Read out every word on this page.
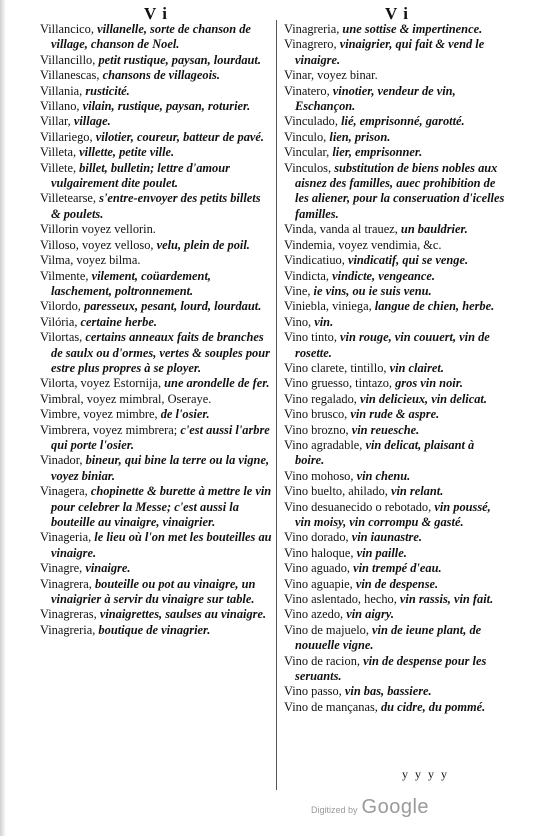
V i	V i

Villancico, villanelle, sorte de chanson de village, chanson de Noel.

Villancillo, petit rustique, paysan, lourdaut.

Villanescas, chansons de villageois.

Villania, rusticité.

Villano, vilain, rustique, paysan, roturier.

Villar, village.

Villariego, vilotier, coureur, batteur de pavé.

Villeta, villette, petite ville.

Villete, billet, bulletin; lettre d'amour vulgairement dite poulet.

Villetearse, s'entre-envoyer des petits billets & poulets.

Villorin voyez vellorin.

Villoso, voyez velloso, velu, plein de poil.

Vilma, voyez bilma.

Vilmente, vilement, coüardement, laschement, poltronnement.

Vilordo, paresseux, pesant, lourd, lourdaut.

Vilória, certaine herbe.

Vilortas, certains anneaux faits de branches de saulx ou d'ormes, vertes & souples pour estre plus propres à se ployer.

Vilorta, voyez Estornija, une arondelle de fer.

Vimbral, voyez mimbral, Oseraye.

Vimbre, voyez mimbre, de l'osier.

Vimbrera, voyez mimbrera; c'est aussi l'arbre qui porte l'osier.

Vinador, bineur, qui bine la terre ou la vigne, voyez biniar.

Vinagera, chopinette & burette à mettre le vin pour celebrer la Messe; c'est aussi la bouteille au vinaigre, vinaigrier.

Vinageria, le lieu où l'on met les bouteilles au vinaigre.

Vinagre, vinaigre.

Vinagrera, bouteille ou pot au vinaigre, un vinaigrier à servir du vinaigre sur table.

Vinagreras, vinaigrettes, saulses au vinaigre.

Vinagreria, boutique de vinagrier.

Vinagreria, une sottise & impertinence.

Vinagrero, vinaigrier, qui fait & vend le vinaigre.

Vinar, voyez binar.

Vinatero, vinotier, vendeur de vin, Eschançon.

Vinculado, lié, emprisonné, garotté.

Vinculo, lien, prison.

Vincular, lier, emprisonner.

Vinculos, substitution de biens nobles aux aisnez des familles, auec prohibition de les aliener, pour la conseruation d'icelles familles.

Vinda, vanda al trauez, un bauldrier.

Vindemia, voyez vendimia, &c.

Vindicatiuo, vindicatif, qui se venge.

Vindicta, vindicte, vengeance.

Vine, ie vins, ou ie suis venu.

Viniebla, viniega, langue de chien, herbe.

Vino, vin.

Vino tinto, vin rouge, vin couuert, vin de rosette.

Vino clarete, tintillo, vin clairet.

Vino gruesso, tintazo, gros vin noir.

Vino regalado, vin delicieux, vin delicat.

Vino brusco, vin rude & aspre.

Vino brozno, vin reuesche.

Vino agradable, vin delicat, plaisant à boire.

Vino mohoso, vin chenu.

Vino buelto, ahilado, vin relant.

Vino desuanecido o rebotado, vin poussé, vin moisy, vin corrompu & gasté.

Vino dorado, vin iaunastre.

Vino haloque, vin paille.

Vino aguado, vin trempé d'eau.

Vino aguapie, vin de despense.

Vino aslentado, hecho, vin rassis, vin fait.

Vino azedo, vin aigry.

Vino de majuelo, vin de ieune plant, de nouuelle vigne.

Vino de racion, vin de despense pour les seruants.

Vino passo, vin bas, bassiere.

Vino de mançanas, du cidre, du pommé.

y y y y
Digitized by Google
